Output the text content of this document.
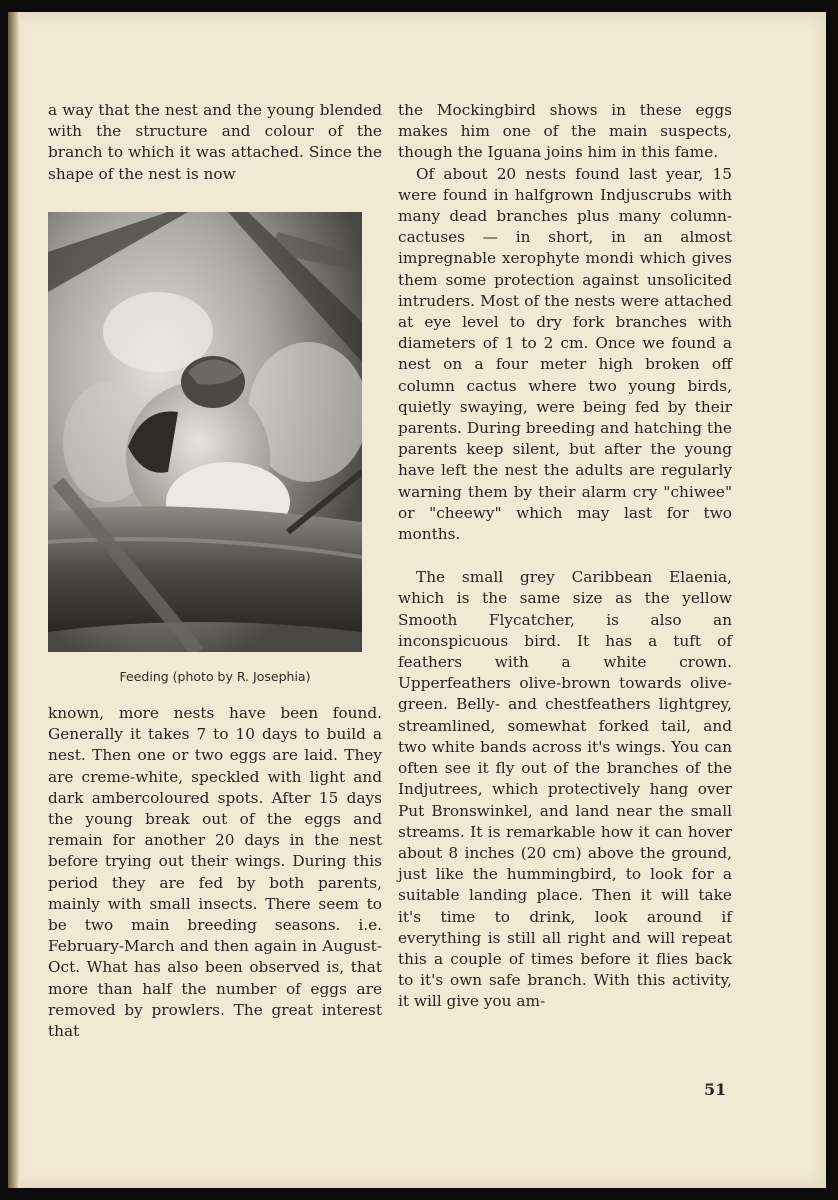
a way that the nest and the young blended with the structure and colour of the branch to which it was attached. Since the shape of the nest is now

Feeding (photo by R. Josephia)

known, more nests have been found. Generally it takes 7 to 10 days to build a nest. Then one or two eggs are laid. They are creme-white, speckled with light and dark ambercoloured spots. After 15 days the young break out of the eggs and remain for another 20 days in the nest before trying out their wings. During this period they are fed by both parents, mainly with small insects. There seem to be two main breeding seasons. i.e. February-March and then again in August-Oct. What has also been observed is, that more than half the number of eggs are removed by prowlers. The great interest that

the Mockingbird shows in these eggs makes him one of the main suspects, though the Iguana joins him in this fame.

Of about 20 nests found last year, 15 were found in halfgrown Indjuscrubs with many dead branches plus many column-cactuses — in short, in an almost impregnable xerophyte mondi which gives them some protection against unsolicited intruders. Most of the nests were attached at eye level to dry fork branches with diameters of 1 to 2 cm. Once we found a nest on a four meter high broken off column cactus where two young birds, quietly swaying, were being fed by their parents. During breeding and hatching the parents keep silent, but after the young have left the nest the adults are regularly warning them by their alarm cry "chiwee" or "cheewy" which may last for two months.

The small grey Caribbean Elaenia, which is the same size as the yellow Smooth Flycatcher, is also an inconspicuous bird. It has a tuft of feathers with a white crown. Upperfeathers olive-brown towards olive-green. Belly- and chestfeathers lightgrey, streamlined, somewhat forked tail, and two white bands across it's wings. You can often see it fly out of the branches of the Indjutrees, which protectively hang over Put Bronswinkel, and land near the small streams. It is remarkable how it can hover about 8 inches (20 cm) above the ground, just like the hummingbird, to look for a suitable landing place. Then it will take it's time to drink, look around if everything is still all right and will repeat this a couple of times before it flies back to it's own safe branch. With this activity, it will give you am-

51
